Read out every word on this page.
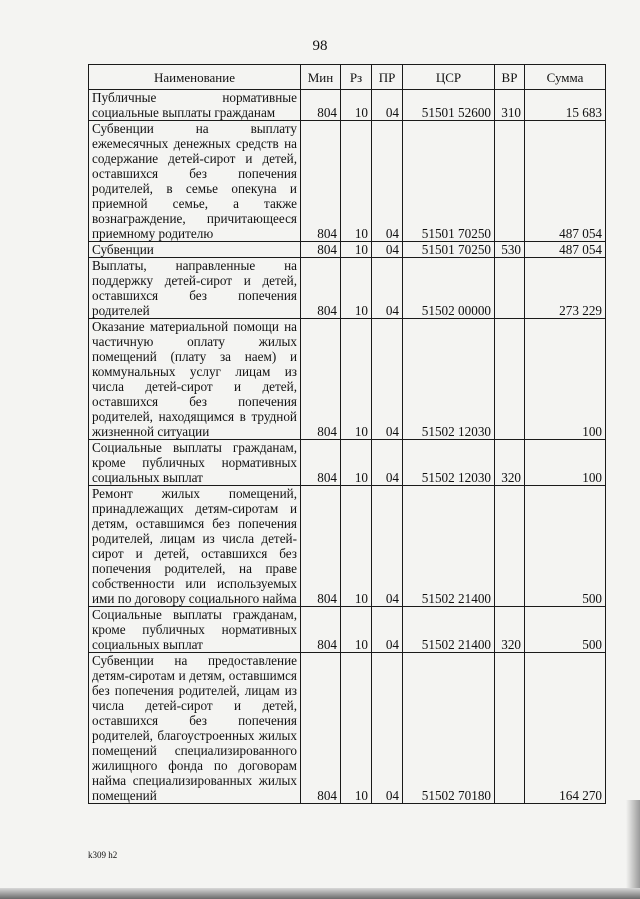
98
Наименование	Мин	Рз	ПР	ЦСР	ВР	Сумма
Публичные нормативные социальные выплаты гражданам	804	10	04	51501 52600	310	15 683
Субвенции на выплату ежемесячных денежных средств на содержание детей-сирот и детей, оставшихся без попечения родителей, в семье опекуна и приемной семье, а также вознаграждение, причитающееся приемному родителю	804	10	04	51501 70250		487 054
Субвенции	804	10	04	51501 70250	530	487 054
Выплаты, направленные на поддержку детей-сирот и детей, оставшихся без попечения родителей	804	10	04	51502 00000		273 229
Оказание материальной помощи на частичную оплату жилых помещений (плату за наем) и коммунальных услуг лицам из числа детей-сирот и детей, оставшихся без попечения родителей, находящимся в трудной жизненной ситуации	804	10	04	51502 12030		100
Социальные выплаты гражданам, кроме публичных нормативных социальных выплат	804	10	04	51502 12030	320	100
Ремонт жилых помещений, принадлежащих детям-сиротам и детям, оставшимся без попечения родителей, лицам из числа детей-сирот и детей, оставшихся без попечения родителей, на праве собственности или используемых ими по договору социального найма	804	10	04	51502 21400		500
Социальные выплаты гражданам, кроме публичных нормативных социальных выплат	804	10	04	51502 21400	320	500
Субвенции на предоставление детям-сиротам и детям, оставшимся без попечения родителей, лицам из числа детей-сирот и детей, оставшихся без попечения родителей, благоустроенных жилых помещений специализированного жилищного фонда по договорам найма специализированных жилых помещений	804	10	04	51502 70180		164 270
k309 h2
